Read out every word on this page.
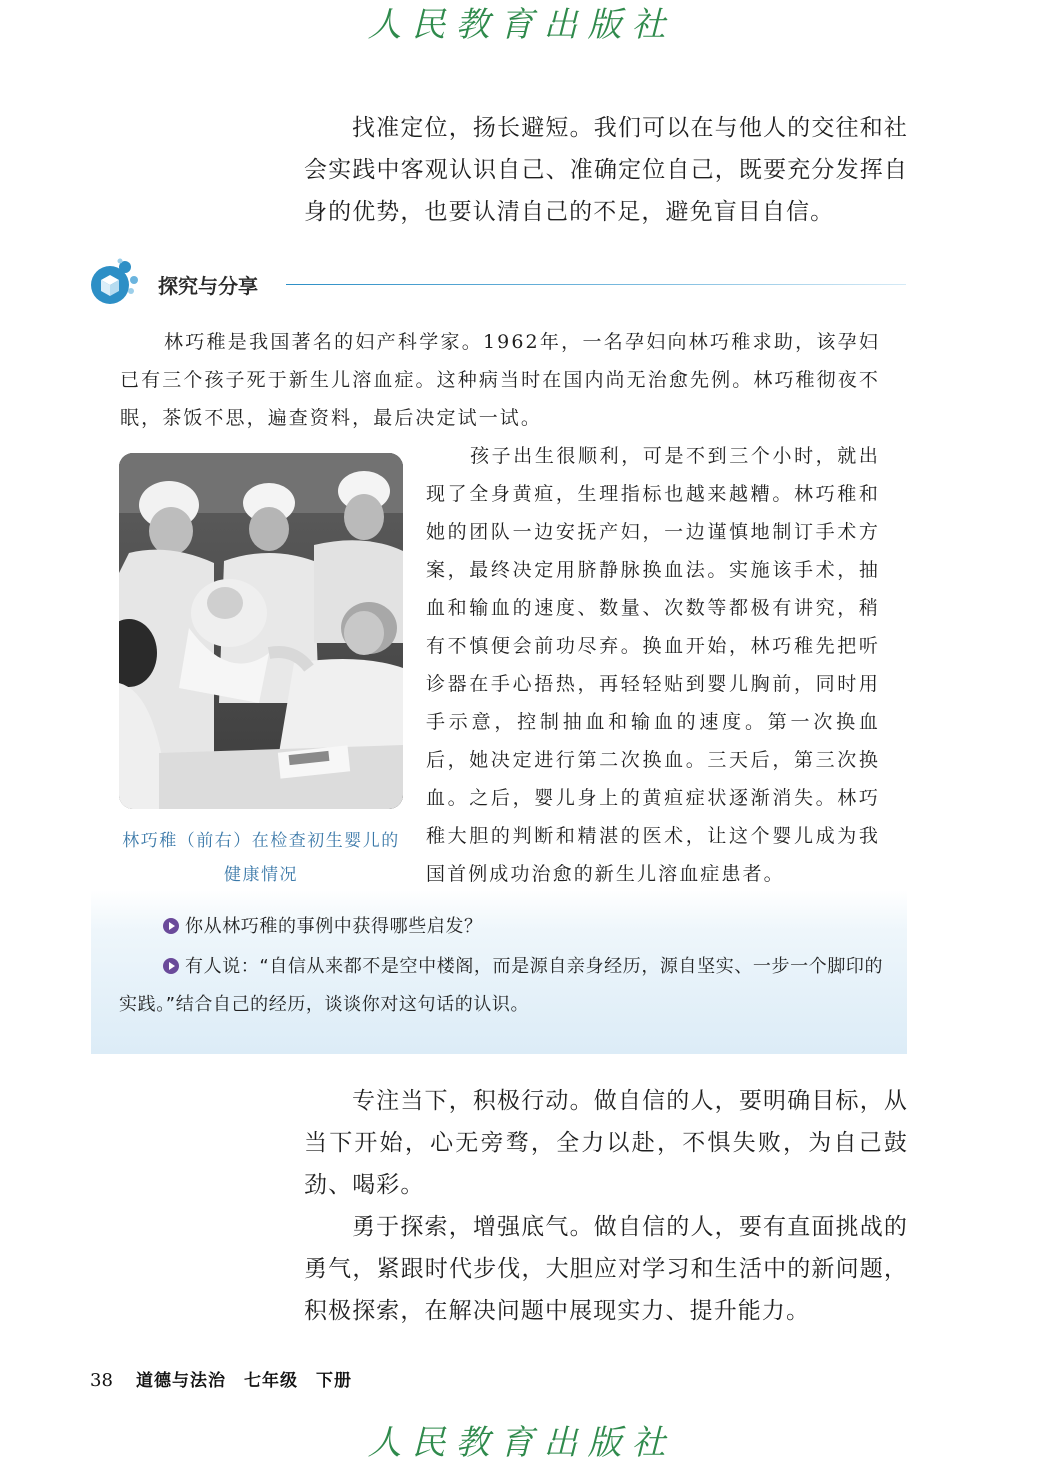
人民教育出版社

找准定位，扬长避短。我们可以在与他人的交往和社会实践中客观认识自己、准确定位自己，既要充分发挥自身的优势，也要认清自己的不足，避免盲目自信。

探究与分享

林巧稚是我国著名的妇产科学家。1962年，一名孕妇向林巧稚求助，该孕妇已有三个孩子死于新生儿溶血症。这种病当时在国内尚无治愈先例。林巧稚彻夜不眠，茶饭不思，遍查资料，最后决定试一试。

林巧稚（前右）在检查初生婴儿的健康情况

孩子出生很顺利，可是不到三个小时，就出现了全身黄疸，生理指标也越来越糟。林巧稚和她的团队一边安抚产妇，一边谨慎地制订手术方案，最终决定用脐静脉换血法。实施该手术，抽血和输血的速度、数量、次数等都极有讲究，稍有不慎便会前功尽弃。换血开始，林巧稚先把听诊器在手心捂热，再轻轻贴到婴儿胸前，同时用手示意，控制抽血和输血的速度。第一次换血后，她决定进行第二次换血。三天后，第三次换血。之后，婴儿身上的黄疸症状逐渐消失。林巧稚大胆的判断和精湛的医术，让这个婴儿成为我国首例成功治愈的新生儿溶血症患者。

你从林巧稚的事例中获得哪些启发？

有人说：“自信从来都不是空中楼阁，而是源自亲身经历，源自坚实、一步一个脚印的实践。”结合自己的经历，谈谈你对这句话的认识。

专注当下，积极行动。做自信的人，要明确目标，从当下开始，心无旁骛，全力以赴，不惧失败，为自己鼓劲、喝彩。

勇于探索，增强底气。做自信的人，要有直面挑战的勇气，紧跟时代步伐，大胆应对学习和生活中的新问题，积极探索，在解决问题中展现实力、提升能力。

38 道德与法治　七年级　下册
人民教育出版社
